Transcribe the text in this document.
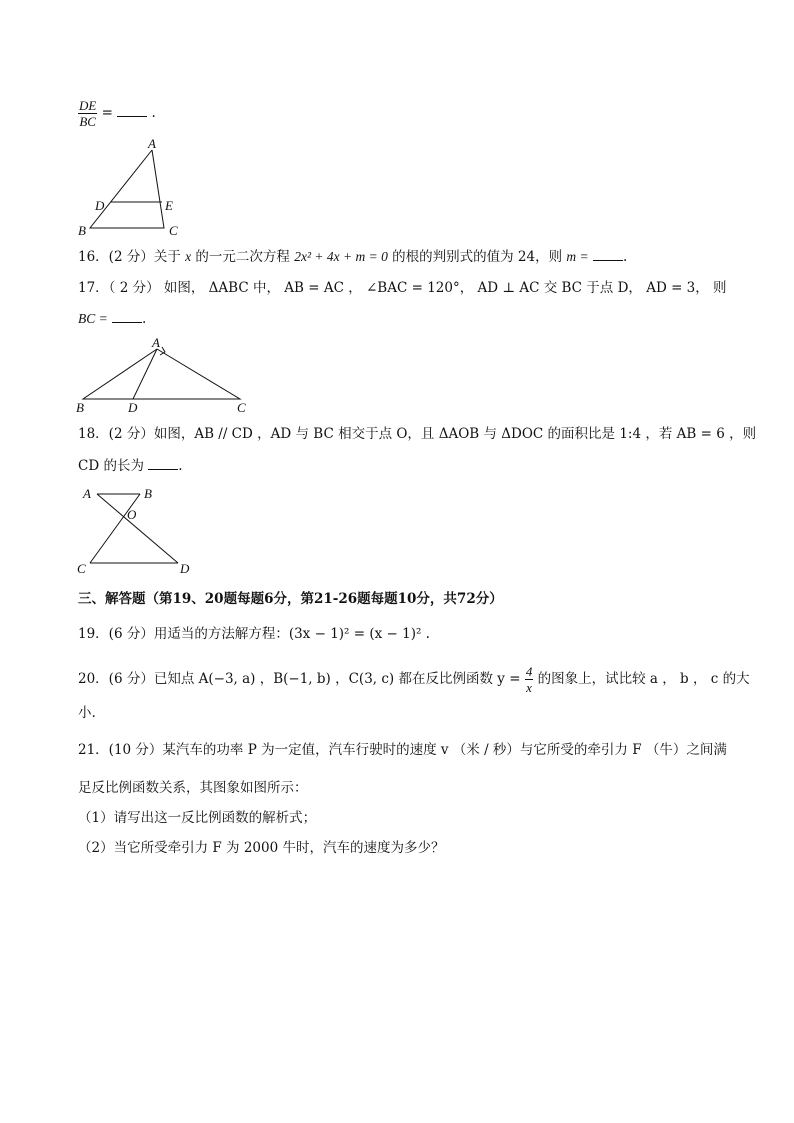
$\frac{DE}{BC}$ =	.
A
D	E
B	C
16．(2 分）关于 x 的一元二次方程 2x² + 4x + m = 0 的根的判别式的值为 24，则 m =	.
17．（ 2 分） 如图， ΔABC 中， AB = AC ， ∠BAC = 120°， AD ⊥ AC 交 BC 于点 D， AD = 3， 则
BC =	.
A
B	D	C
18．(2 分）如图，AB // CD ，AD 与 BC 相交于点 O，且 ΔAOB 与 ΔDOC 的面积比是 1:4 ，若 AB = 6 ，则
CD 的长为 .
A	B
O
C	D
三、解答题（第19、20题每题6分，第21-26题每题10分，共72分）
19．(6 分）用适当的方法解方程：(3x − 1)² = (x − 1)² .
20．(6 分）已知点 A(−3, a) ，B(−1, b) ，C(3, c) 都在反比例函数 $y = \frac{4}{x}$ 的图象上，试比较 a ， b ， c 的大
小.
21．(10 分）某汽车的功率 P 为一定值，汽车行驶时的速度 v （米 / 秒）与它所受的牵引力 F （牛）之间满
足反比例函数关系，其图象如图所示：
（1）请写出这一反比例函数的解析式；
（2）当它所受牵引力 F 为 2000 牛时，汽车的速度为多少？
